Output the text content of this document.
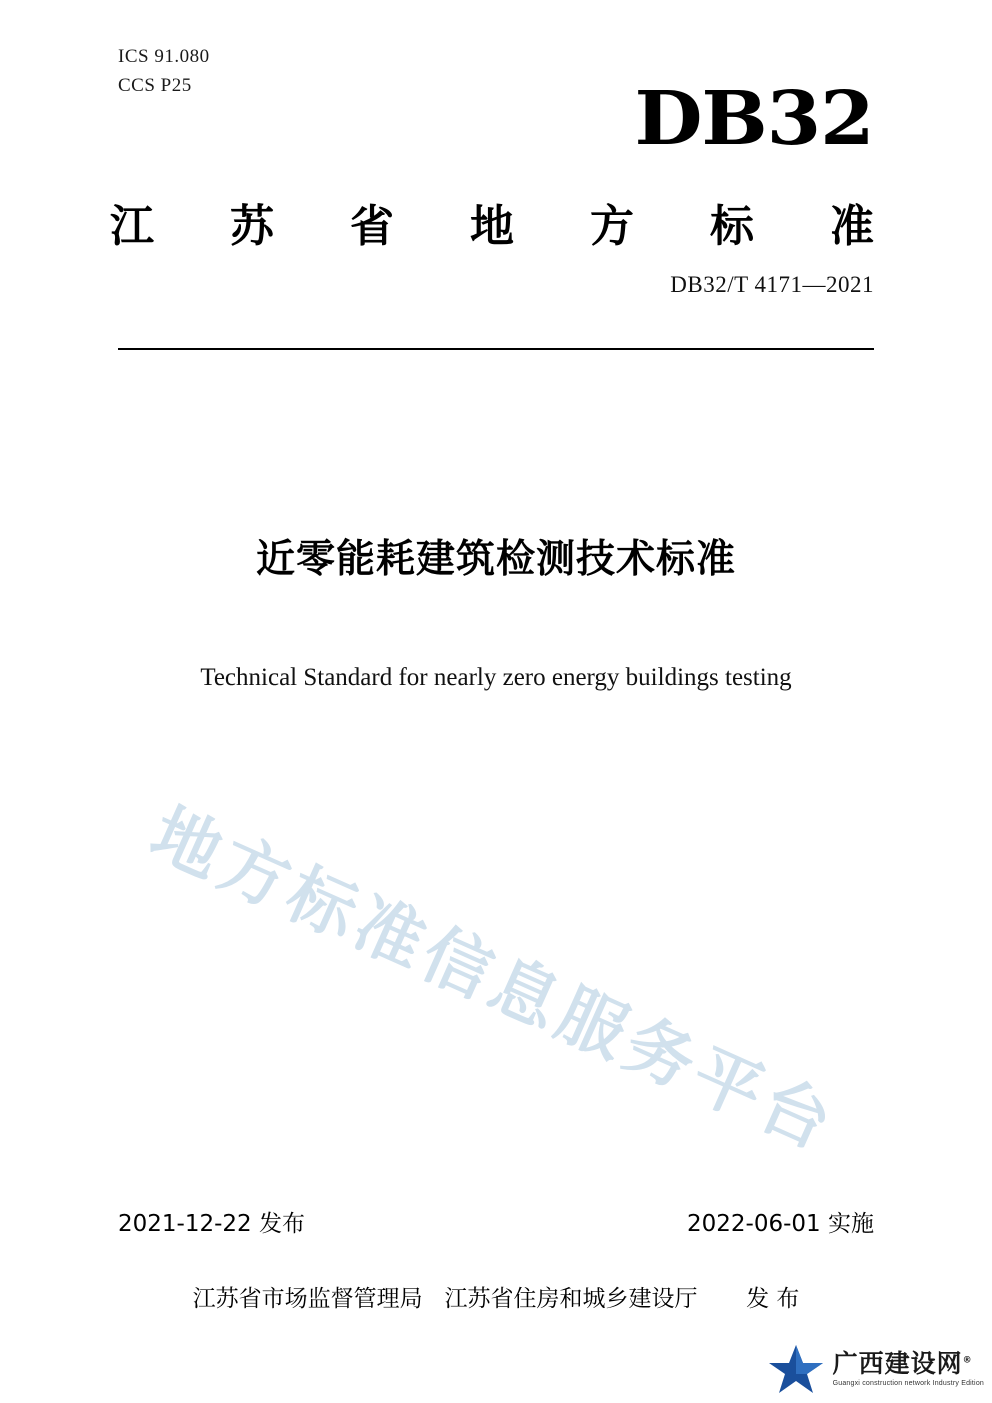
ICS 91.080
CCS P25	DB32
江 苏 省 地 方 标 准
DB32/T 4171—2021
近零能耗建筑检测技术标准
Technical Standard for nearly zero energy buildings testing
地方标准信息服务平台
2021-12-22 发布	2022-06-01 实施
江苏省市场监督管理局 江苏省住房和城乡建设厅 发 布
广西建设网®
Guangxi construction network Industry Edition
